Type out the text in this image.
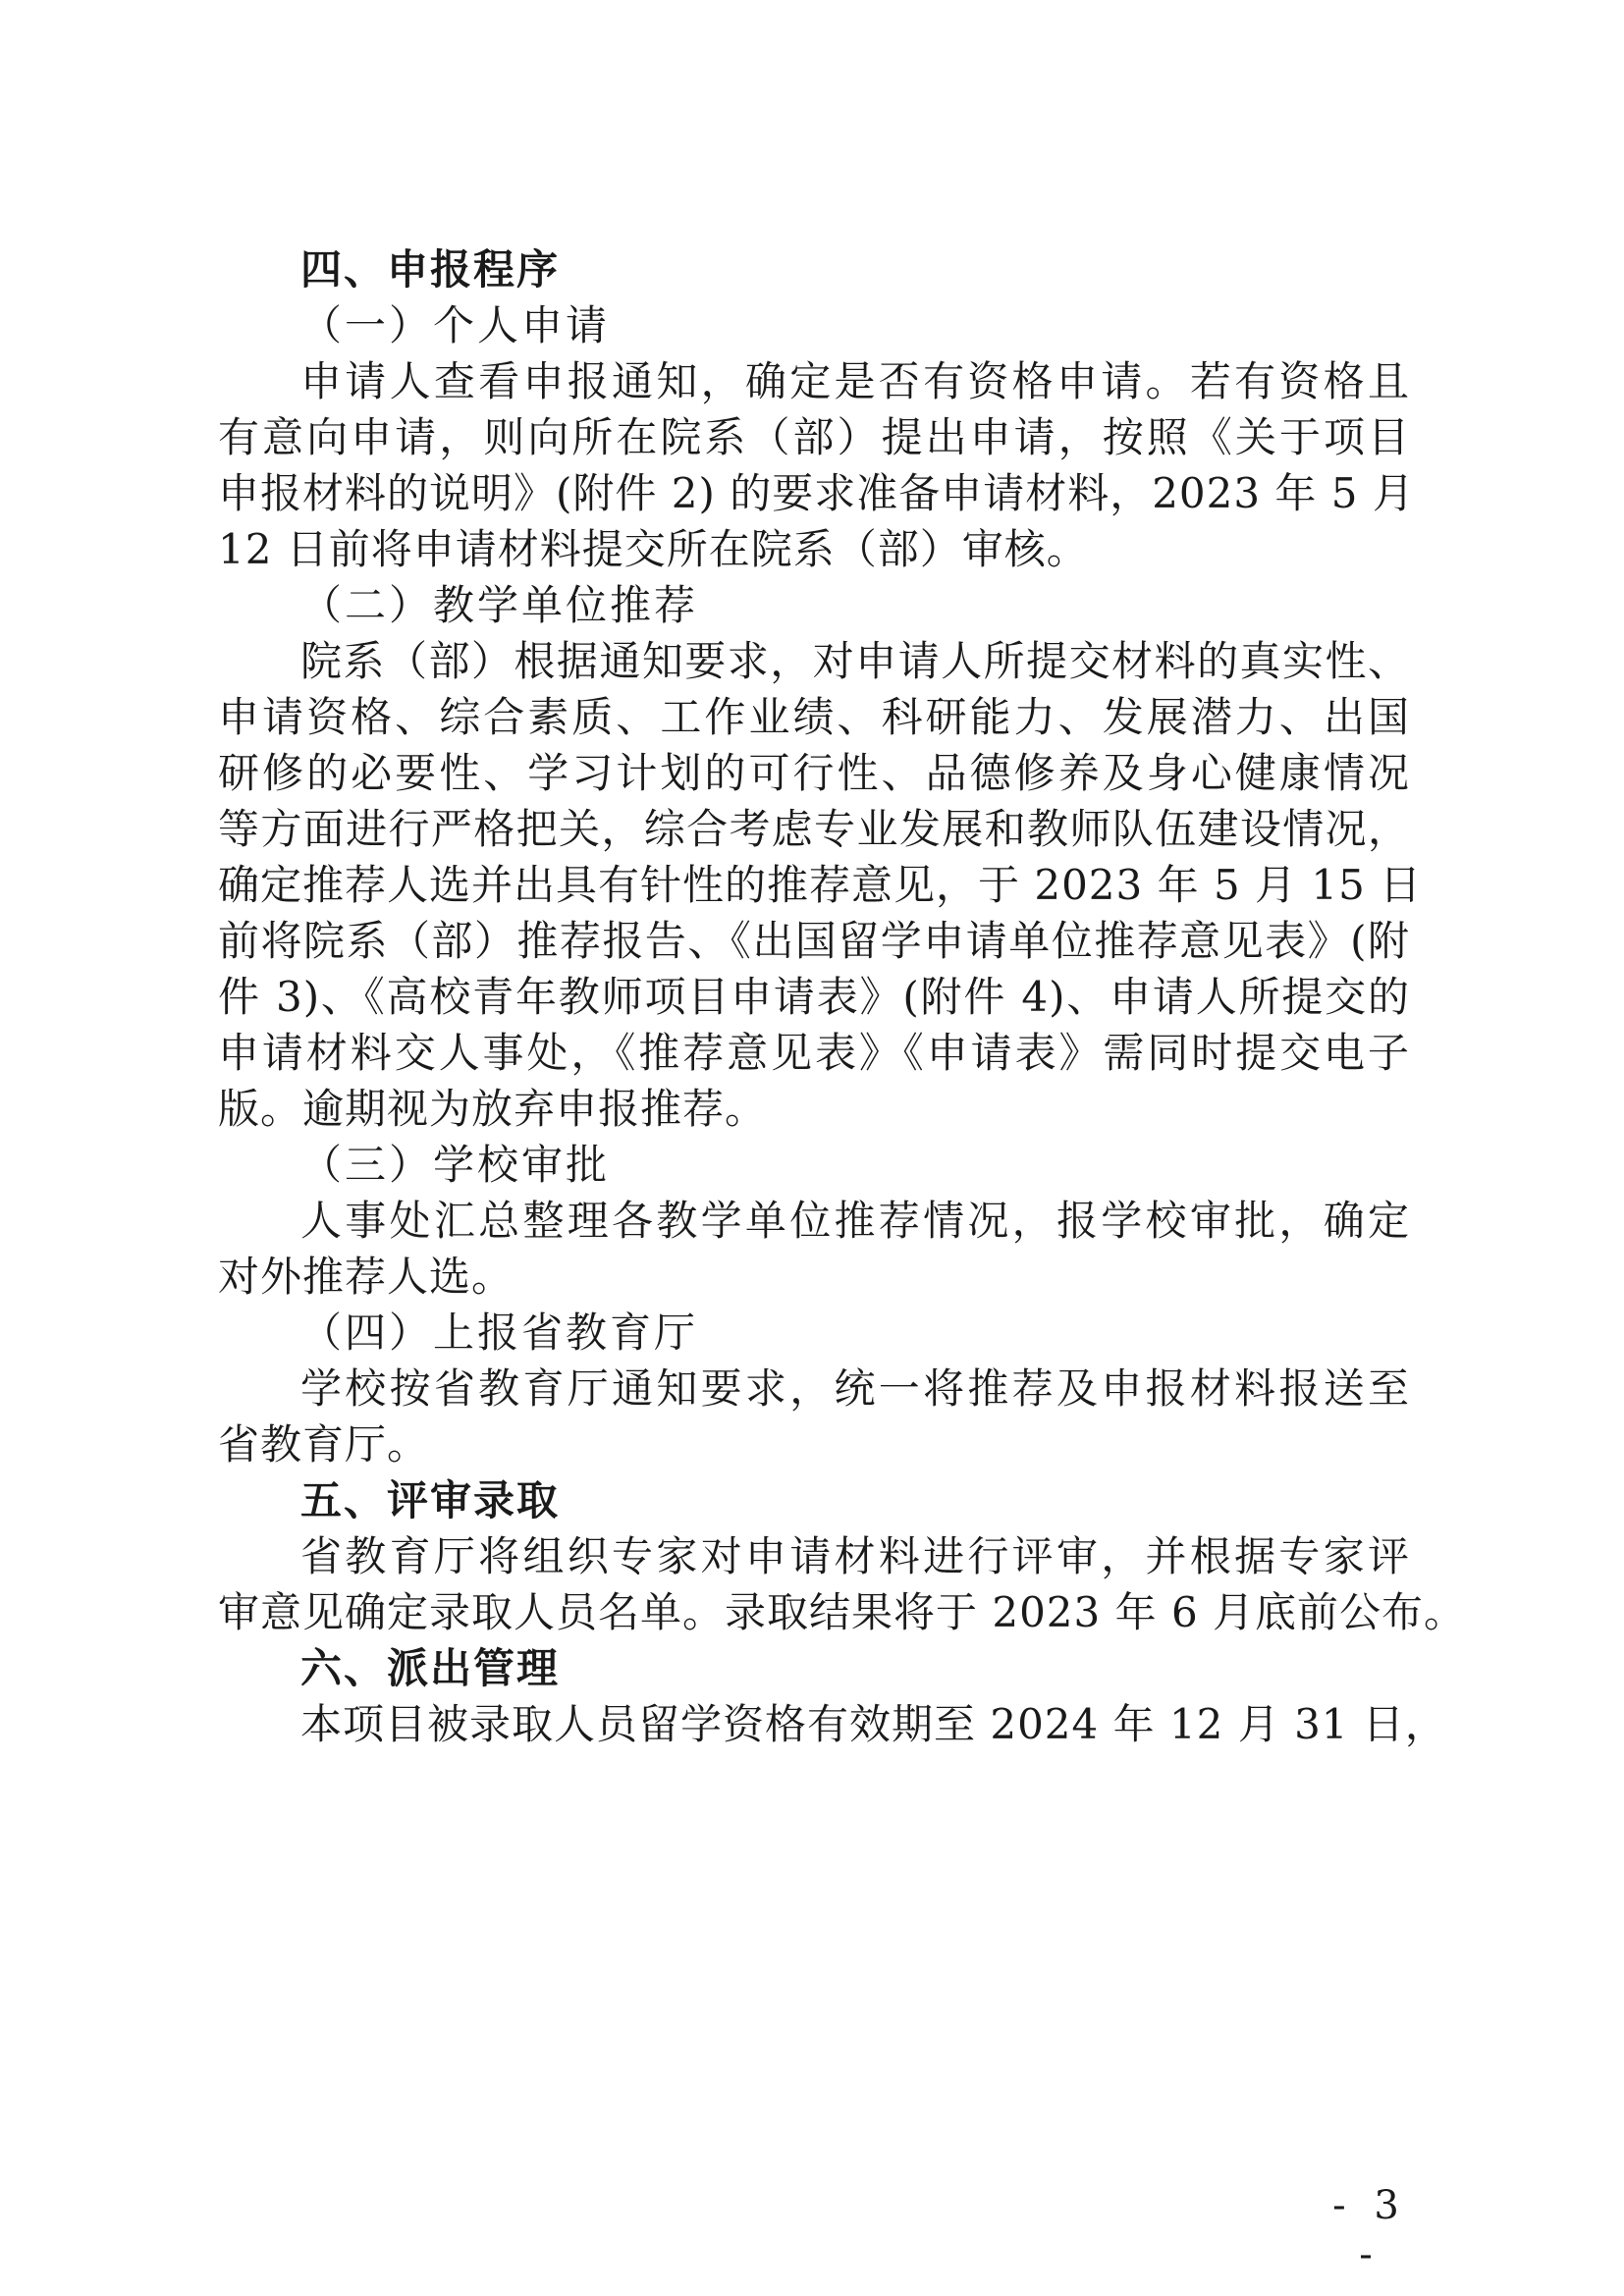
四、申报程序
（一）个人申请
申请人查看申报通知，确定是否有资格申请。若有资格且
有意向申请，则向所在院系（部）提出申请，按照《关于项目
申报材料的说明》(附件 2) 的要求准备申请材料，2023 年 5 月
12 日前将申请材料提交所在院系（部）审核。
（二）教学单位推荐
院系（部）根据通知要求，对申请人所提交材料的真实性、
申请资格、综合素质、工作业绩、科研能力、发展潜力、出国
研修的必要性、学习计划的可行性、品德修养及身心健康情况
等方面进行严格把关，综合考虑专业发展和教师队伍建设情况，
确定推荐人选并出具有针性的推荐意见，于 2023 年 5 月 15 日
前将院系（部）推荐报告、《出国留学申请单位推荐意见表》(附
件 3)、《高校青年教师项目申请表》(附件 4)、申请人所提交的
申请材料交人事处，《推荐意见表》《申请表》需同时提交电子
版。逾期视为放弃申报推荐。
（三）学校审批
人事处汇总整理各教学单位推荐情况，报学校审批，确定
对外推荐人选。
（四）上报省教育厅
学校按省教育厅通知要求，统一将推荐及申报材料报送至
省教育厅。
五、评审录取
省教育厅将组织专家对申请材料进行评审，并根据专家评
审意见确定录取人员名单。录取结果将于 2023 年 6 月底前公布。
六、派出管理
本项目被录取人员留学资格有效期至 2024 年 12 月 31 日，
- 3 -
